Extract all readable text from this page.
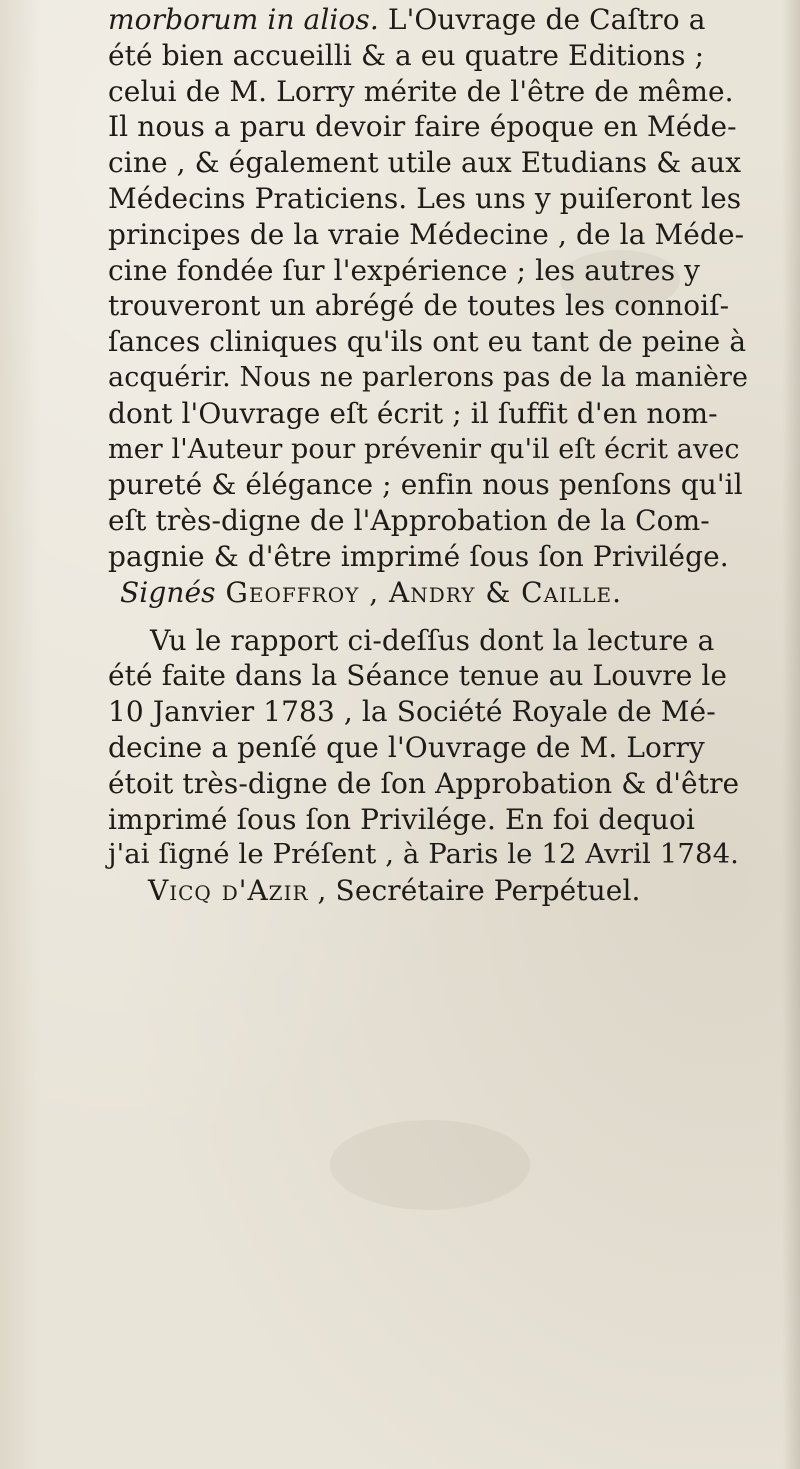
morborum in alios. L'Ouvrage de Caſtro a
été bien accueilli & a eu quatre Editions ;
celui de M. Lorry mérite de l'être de même.
Il nous a paru devoir faire époque en Méde-
cine , & également utile aux Etudians & aux
Médecins Praticiens. Les uns y puiſeront les
principes de la vraie Médecine , de la Méde-
cine fondée ſur l'expérience ; les autres y
trouveront un abrégé de toutes les connoiſ-
ſances cliniques qu'ils ont eu tant de peine à
acquérir. Nous ne parlerons pas de la manière
dont l'Ouvrage eſt écrit ; il ſuffit d'en nom-
mer l'Auteur pour prévenir qu'il eſt écrit avec
pureté & élégance ; enfin nous penſons qu'il
eſt très-digne de l'Approbation de la Com-
pagnie & d'être imprimé ſous ſon Privilége.
Signés Geoffroy , Andry & Caille.
Vu le rapport ci-deſſus dont la lecture a
été faite dans la Séance tenue au Louvre le
10 Janvier 1783 , la Société Royale de Mé-
decine a penſé que l'Ouvrage de M. Lorry
étoit très-digne de ſon Approbation & d'être
imprimé ſous ſon Privilége. En foi dequoi
j'ai ſigné le Préſent , à Paris le 12 Avril 1784.
Vicq d'Azir , Secrétaire Perpétuel.
